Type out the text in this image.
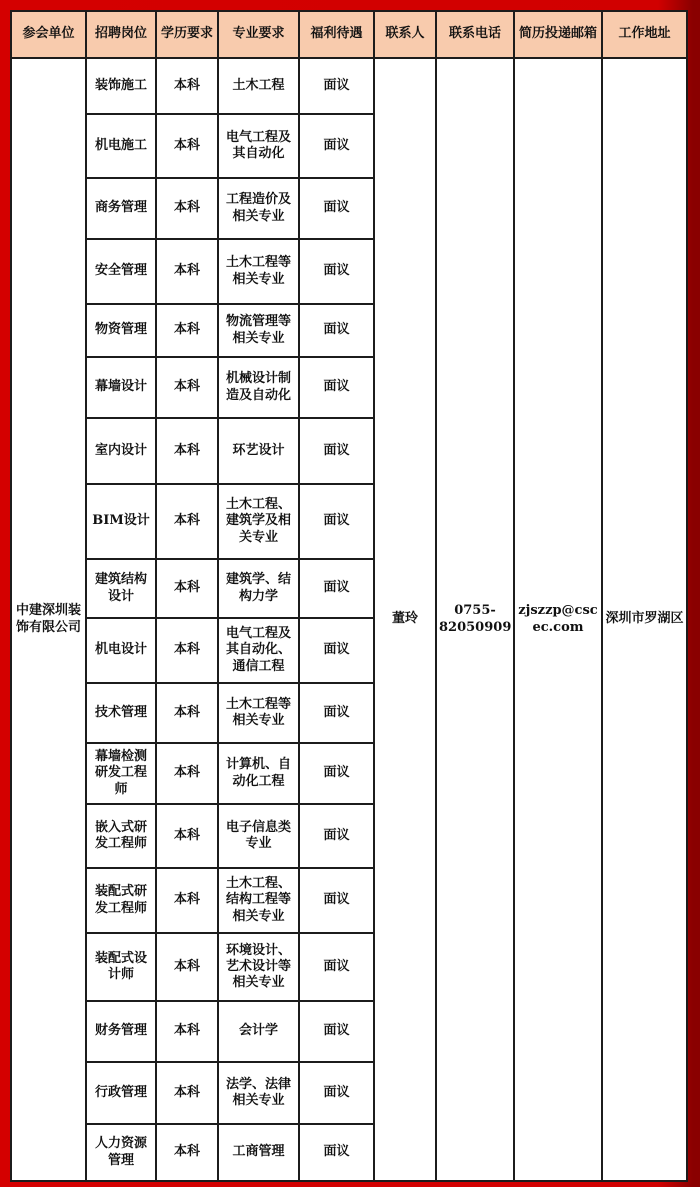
参会单位	招聘岗位	学历要求	专业要求	福利待遇	联系人	联系电话	简历投递邮箱	工作地址
中建深圳装饰有限公司	装饰施工	本科	土木工程	面议	董玲	0755-82050909	zjszzp@cscec.com	深圳市罗湖区
	机电施工	本科	电气工程及其自动化	面议				
	商务管理	本科	工程造价及相关专业	面议				
	安全管理	本科	土木工程等相关专业	面议				
	物资管理	本科	物流管理等相关专业	面议				
	幕墙设计	本科	机械设计制造及自动化	面议				
	室内设计	本科	环艺设计	面议				
	BIM设计	本科	土木工程、建筑学及相关专业	面议				
	建筑结构设计	本科	建筑学、结构力学	面议				
	机电设计	本科	电气工程及其自动化、通信工程	面议				
	技术管理	本科	土木工程等相关专业	面议				
	幕墙检测研发工程师	本科	计算机、自动化工程	面议				
	嵌入式研发工程师	本科	电子信息类专业	面议				
	装配式研发工程师	本科	土木工程、结构工程等相关专业	面议				
	装配式设计师	本科	环境设计、艺术设计等相关专业	面议				
	财务管理	本科	会计学	面议				
	行政管理	本科	法学、法律相关专业	面议				
	人力资源管理	本科	工商管理	面议				
